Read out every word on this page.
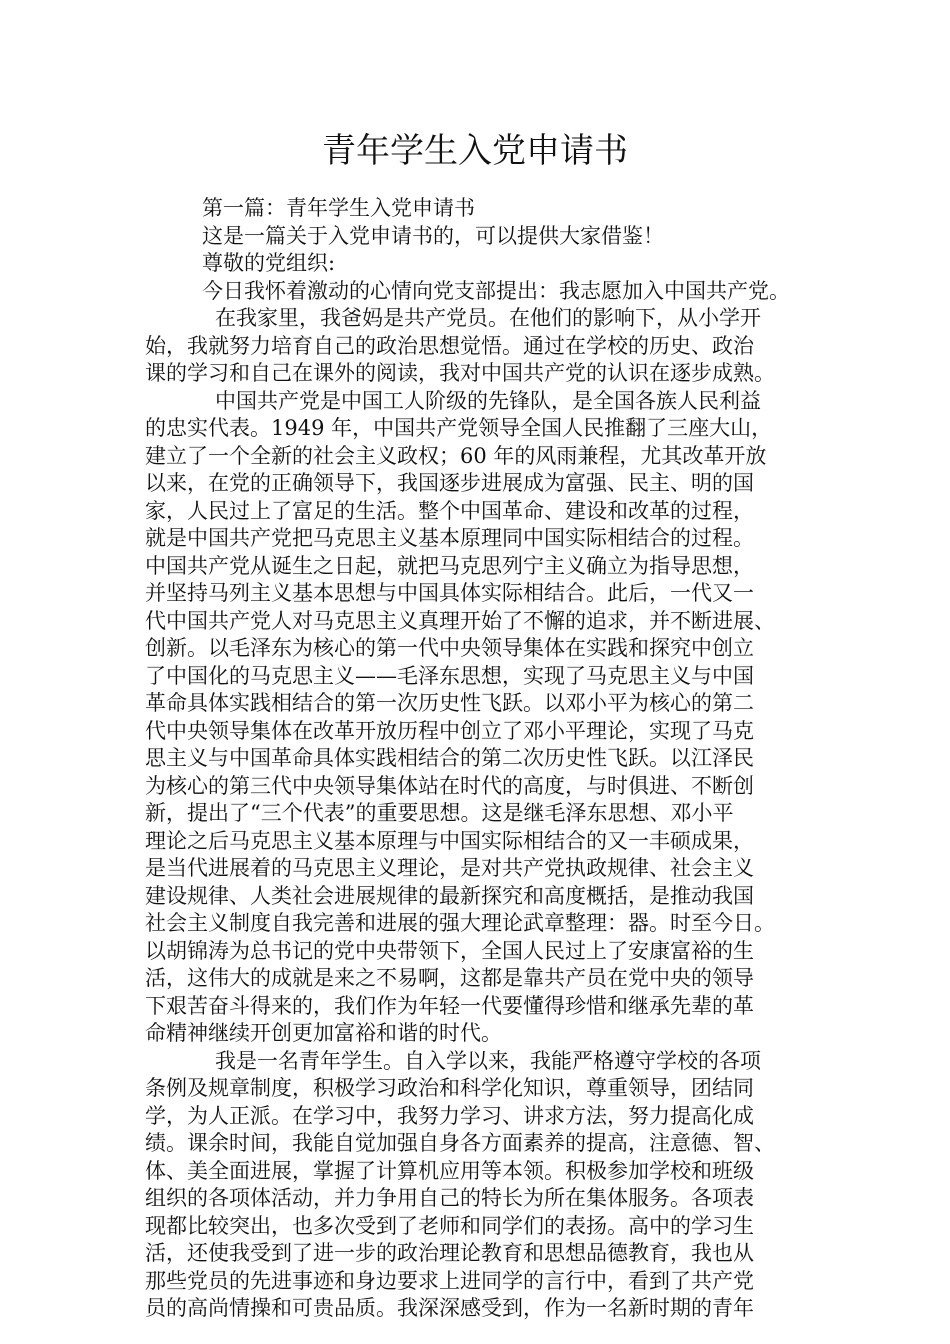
青年学生入党申请书
第一篇：青年学生入党申请书
这是一篇关于入党申请书的，可以提供大家借鉴！
尊敬的党组织:
今日我怀着激动的心情向党支部提出：我志愿加入中国共产党。
在我家里，我爸妈是共产党员。在他们的影响下，从小学开
始，我就努力培育自己的政治思想觉悟。通过在学校的历史、政治
课的学习和自己在课外的阅读，我对中国共产党的认识在逐步成熟。
中国共产党是中国工人阶级的先锋队，是全国各族人民利益
的忠实代表。1949 年，中国共产党领导全国人民推翻了三座大山，
建立了一个全新的社会主义政权；60 年的风雨兼程，尤其改革开放
以来，在党的正确领导下，我国逐步进展成为富强、民主、明的国
家，人民过上了富足的生活。整个中国革命、建设和改革的过程，
就是中国共产党把马克思主义基本原理同中国实际相结合的过程。
中国共产党从诞生之日起，就把马克思列宁主义确立为指导思想，
并坚持马列主义基本思想与中国具体实际相结合。此后，一代又一
代中国共产党人对马克思主义真理开始了不懈的追求，并不断进展、
创新。以毛泽东为核心的第一代中央领导集体在实践和探究中创立
了中国化的马克思主义——毛泽东思想，实现了马克思主义与中国
革命具体实践相结合的第一次历史性飞跃。以邓小平为核心的第二
代中央领导集体在改革开放历程中创立了邓小平理论，实现了马克
思主义与中国革命具体实践相结合的第二次历史性飞跃。以江泽民
为核心的第三代中央领导集体站在时代的高度，与时俱进、不断创
新，提出了“三个代表”的重要思想。这是继毛泽东思想、邓小平
理论之后马克思主义基本原理与中国实际相结合的又一丰硕成果，
是当代进展着的马克思主义理论，是对共产党执政规律、社会主义
建设规律、人类社会进展规律的最新探究和高度概括，是推动我国
社会主义制度自我完善和进展的强大理论武章整理：器。时至今日。
以胡锦涛为总书记的党中央带领下，全国人民过上了安康富裕的生
活，这伟大的成就是来之不易啊，这都是靠共产员在党中央的领导
下艰苦奋斗得来的，我们作为年轻一代要懂得珍惜和继承先辈的革
命精神继续开创更加富裕和谐的时代。
我是一名青年学生。自入学以来，我能严格遵守学校的各项
条例及规章制度，积极学习政治和科学化知识，尊重领导，团结同
学，为人正派。在学习中，我努力学习、讲求方法，努力提高化成
绩。课余时间，我能自觉加强自身各方面素养的提高，注意德、智、
体、美全面进展，掌握了计算机应用等本领。积极参加学校和班级
组织的各项体活动，并力争用自己的特长为所在集体服务。各项表
现都比较突出，也多次受到了老师和同学们的表扬。高中的学习生
活，还使我受到了进一步的政治理论教育和思想品德教育，我也从
那些党员的先进事迹和身边要求上进同学的言行中，看到了共产党
员的高尚情操和可贵品质。我深深感受到，作为一名新时期的青年
